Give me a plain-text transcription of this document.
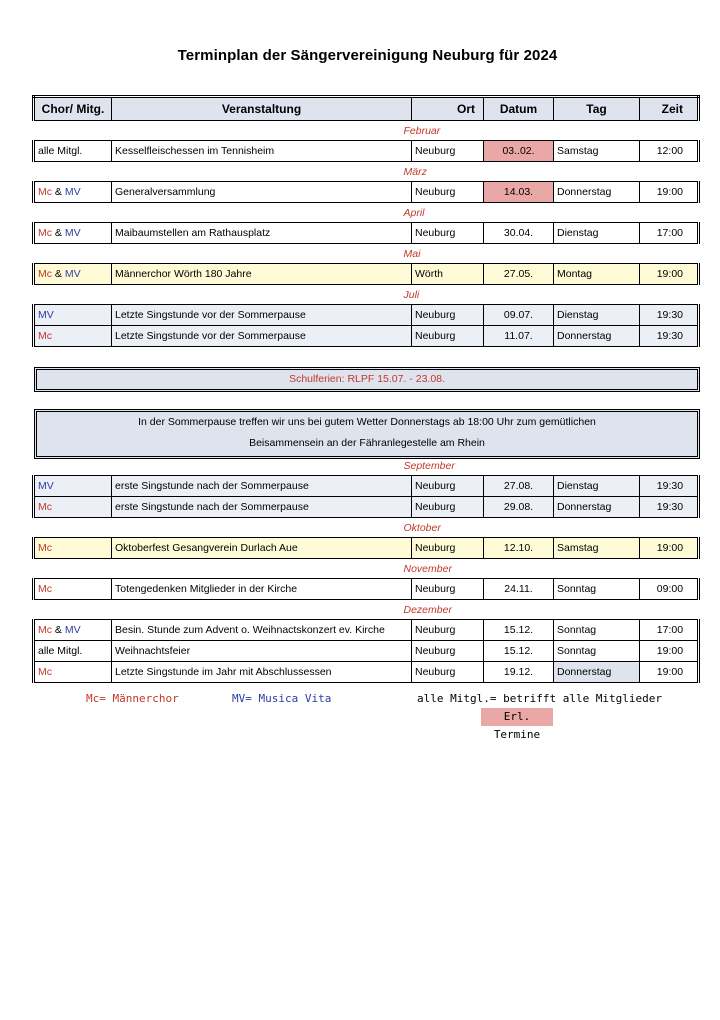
Terminplan der Sängervereinigung Neuburg für 2024
Chor/ Mitg.	Veranstaltung	Ort	Datum	Tag	Zeit
Februar					
alle Mitgl.	Kesselfleischessen im Tennisheim	Neuburg	03..02.	Samstag	12:00
März					
Mc & MV	Generalversammlung	Neuburg	14.03.	Donnerstag	19:00
April					
Mc & MV	Maibaumstellen am Rathausplatz	Neuburg	30.04.	Dienstag	17:00
Mai					
Mc & MV	Männerchor Wörth 180 Jahre	Wörth	27.05.	Montag	19:00
Juli					
MV	Letzte Singstunde vor der Sommerpause	Neuburg	09.07.	Dienstag	19:30
Mc	Letzte Singstunde vor der Sommerpause	Neuburg	11.07.	Donnerstag	19:30
Schulferien: RLPF 15.07. - 23.08.
In der Sommerpause treffen wir uns bei gutem Wetter Donnerstags ab 18:00 Uhr zum gemütlichen
Beisammensein an der Fähranlegestelle am Rhein
September					
MV	erste Singstunde nach der Sommerpause	Neuburg	27.08.	Dienstag	19:30
Mc	erste Singstunde nach der Sommerpause	Neuburg	29.08.	Donnerstag	19:30
Oktober					
Mc	Oktoberfest Gesangverein Durlach Aue	Neuburg	12.10.	Samstag	19:00
November					
Mc	Totengedenken Mitglieder in der Kirche	Neuburg	24.11.	Sonntag	09:00
Dezember					
Mc & MV	Besin. Stunde zum Advent o. Weihnactskonzert ev. Kirche	Neuburg	15.12.	Sonntag	17:00
alle Mitgl.	Weihnachtsfeier	Neuburg	15.12.	Sonntag	19:00
Mc	Letzte Singstunde im Jahr mit Abschlussessen	Neuburg	19.12.	Donnerstag	19:00
Mc= Männerchor	MV= Musica Vita	alle Mitgl.= betrifft alle Mitglieder
Erl. Termine
